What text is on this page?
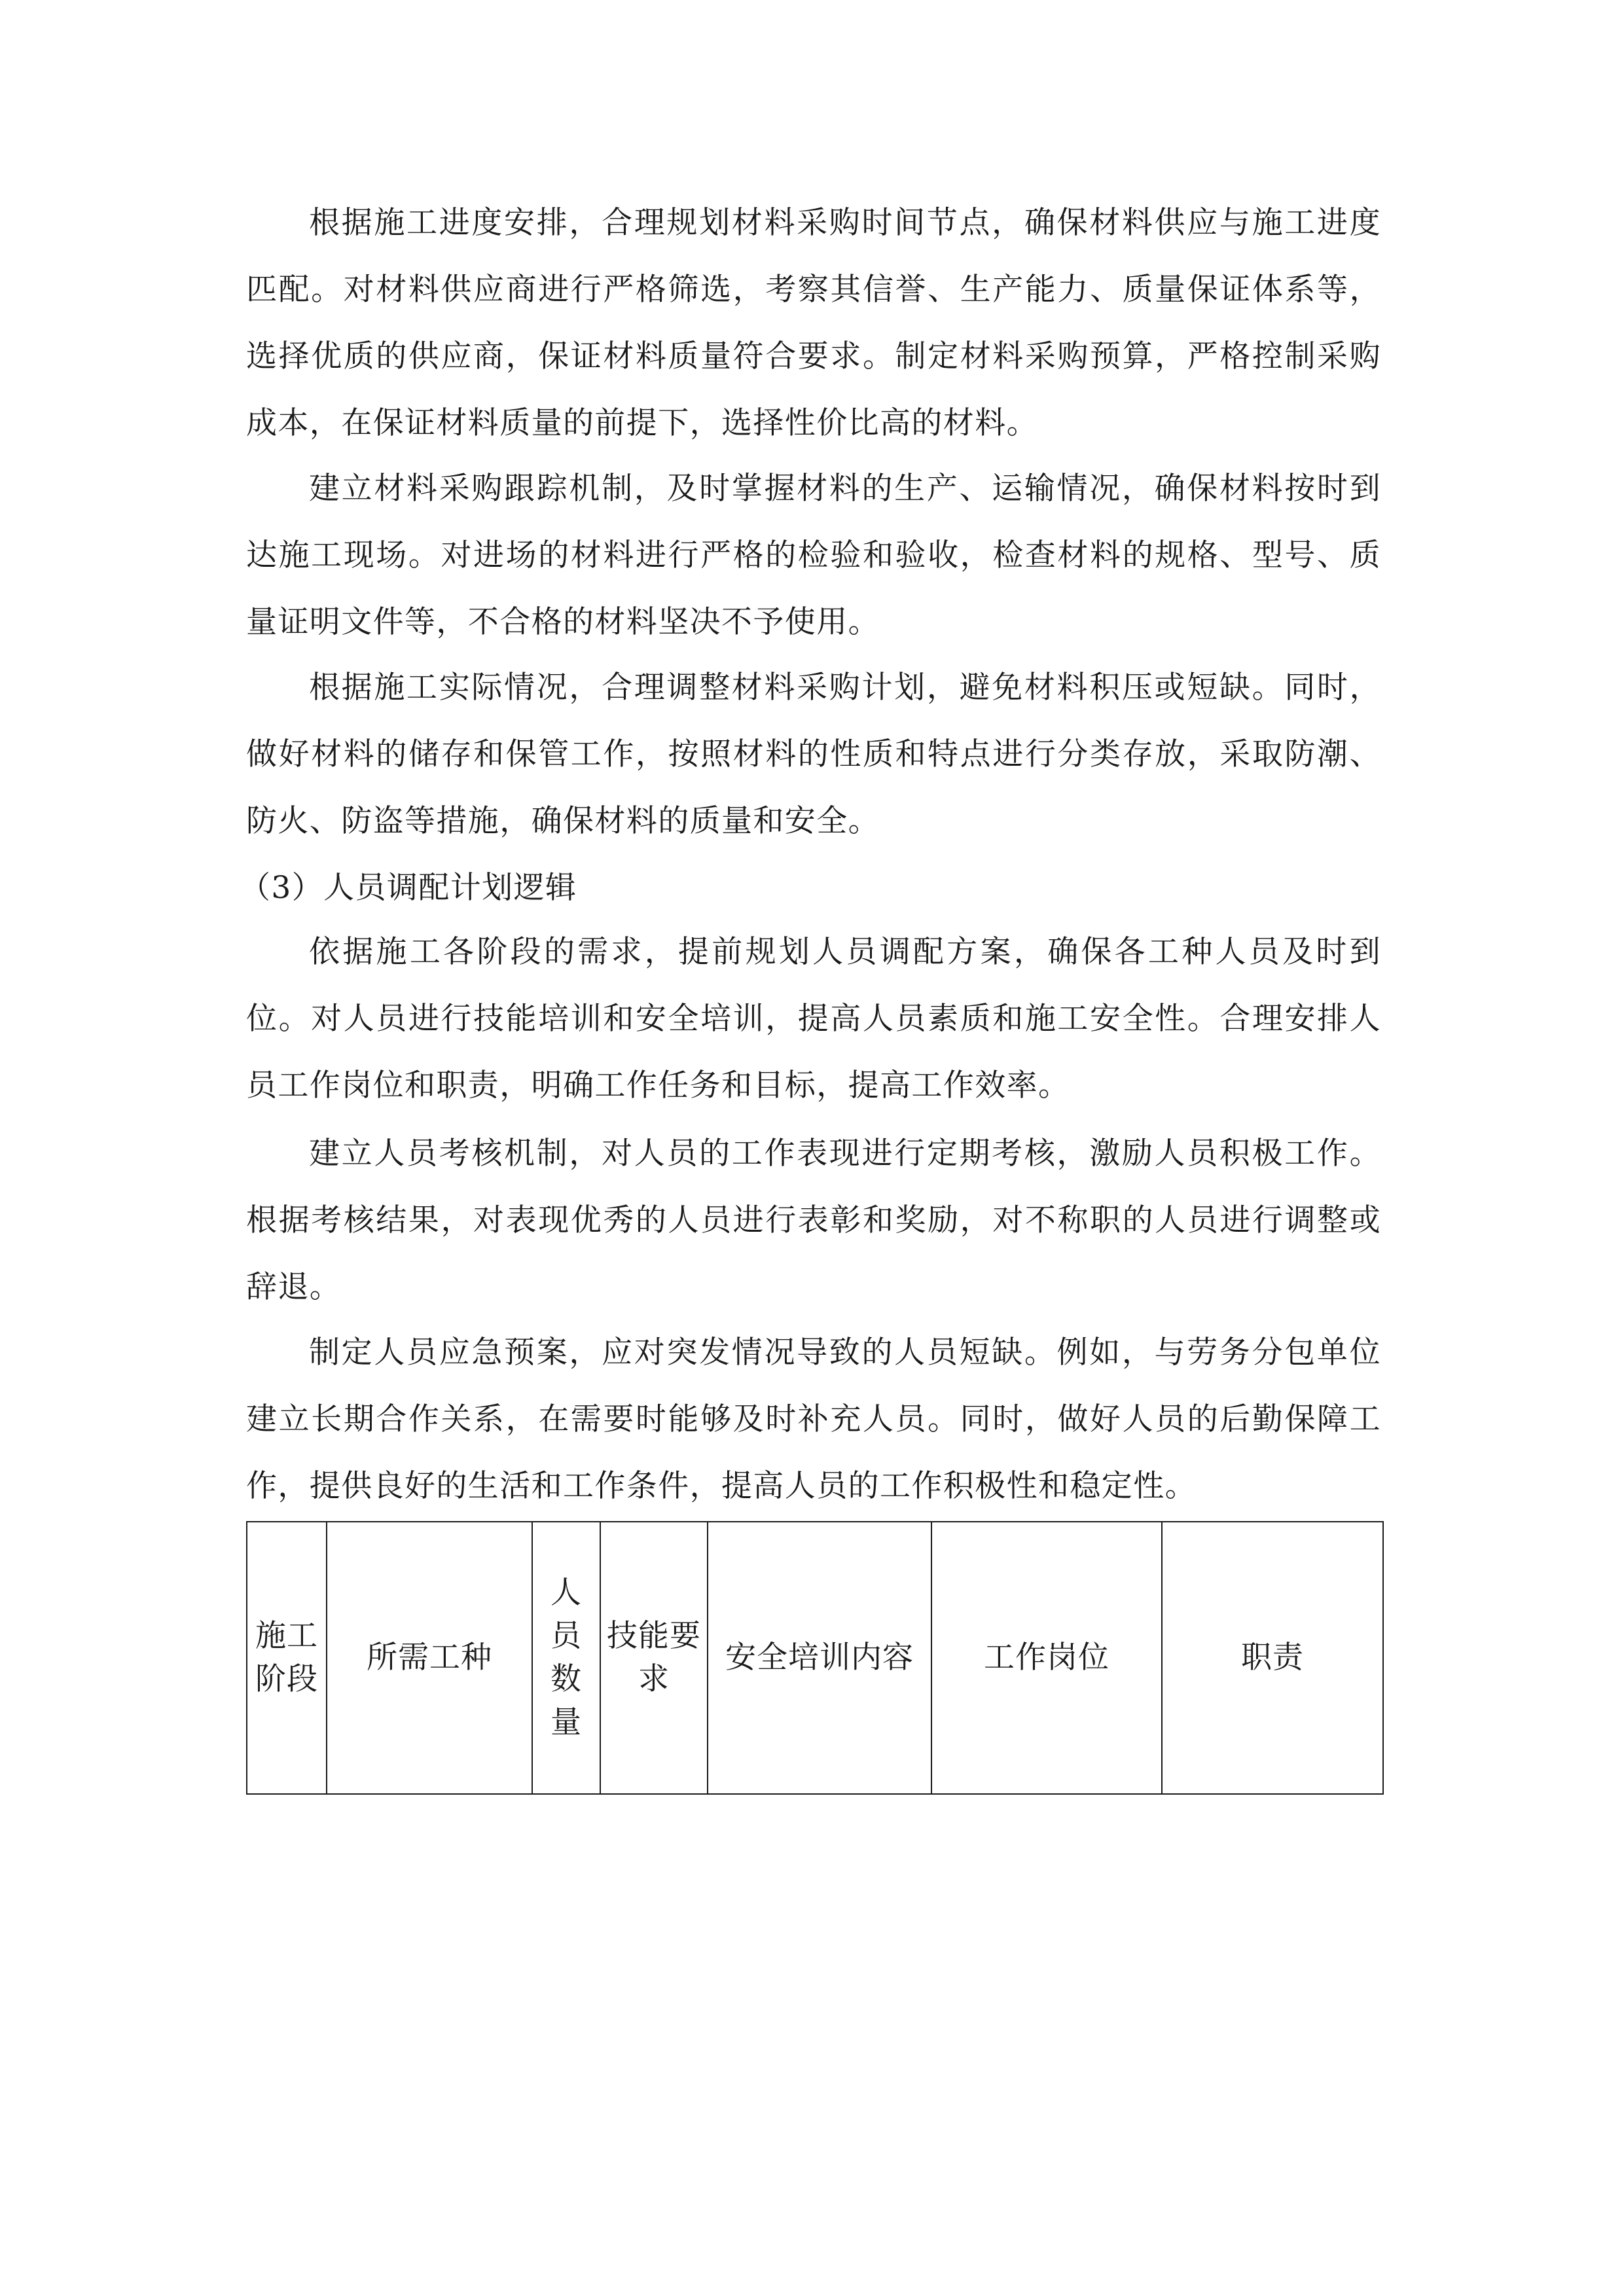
根据施工进度安排，合理规划材料采购时间节点，确保材料供应与施工进度匹配。对材料供应商进行严格筛选，考察其信誉、生产能力、质量保证体系等，选择优质的供应商，保证材料质量符合要求。制定材料采购预算，严格控制采购成本，在保证材料质量的前提下，选择性价比高的材料。

建立材料采购跟踪机制，及时掌握材料的生产、运输情况，确保材料按时到达施工现场。对进场的材料进行严格的检验和验收，检查材料的规格、型号、质量证明文件等，不合格的材料坚决不予使用。

根据施工实际情况，合理调整材料采购计划，避免材料积压或短缺。同时，做好材料的储存和保管工作，按照材料的性质和特点进行分类存放，采取防潮、防火、防盗等措施，确保材料的质量和安全。

（3）人员调配计划逻辑

依据施工各阶段的需求，提前规划人员调配方案，确保各工种人员及时到位。对人员进行技能培训和安全培训，提高人员素质和施工安全性。合理安排人员工作岗位和职责，明确工作任务和目标，提高工作效率。

建立人员考核机制，对人员的工作表现进行定期考核，激励人员积极工作。根据考核结果，对表现优秀的人员进行表彰和奖励，对不称职的人员进行调整或辞退。

制定人员应急预案，应对突发情况导致的人员短缺。例如，与劳务分包单位建立长期合作关系，在需要时能够及时补充人员。同时，做好人员的后勤保障工作，提供良好的生活和工作条件，提高人员的工作积极性和稳定性。

施工阶段	所需工种	人员数量	技能要求	安全培训内容	工作岗位	职责
